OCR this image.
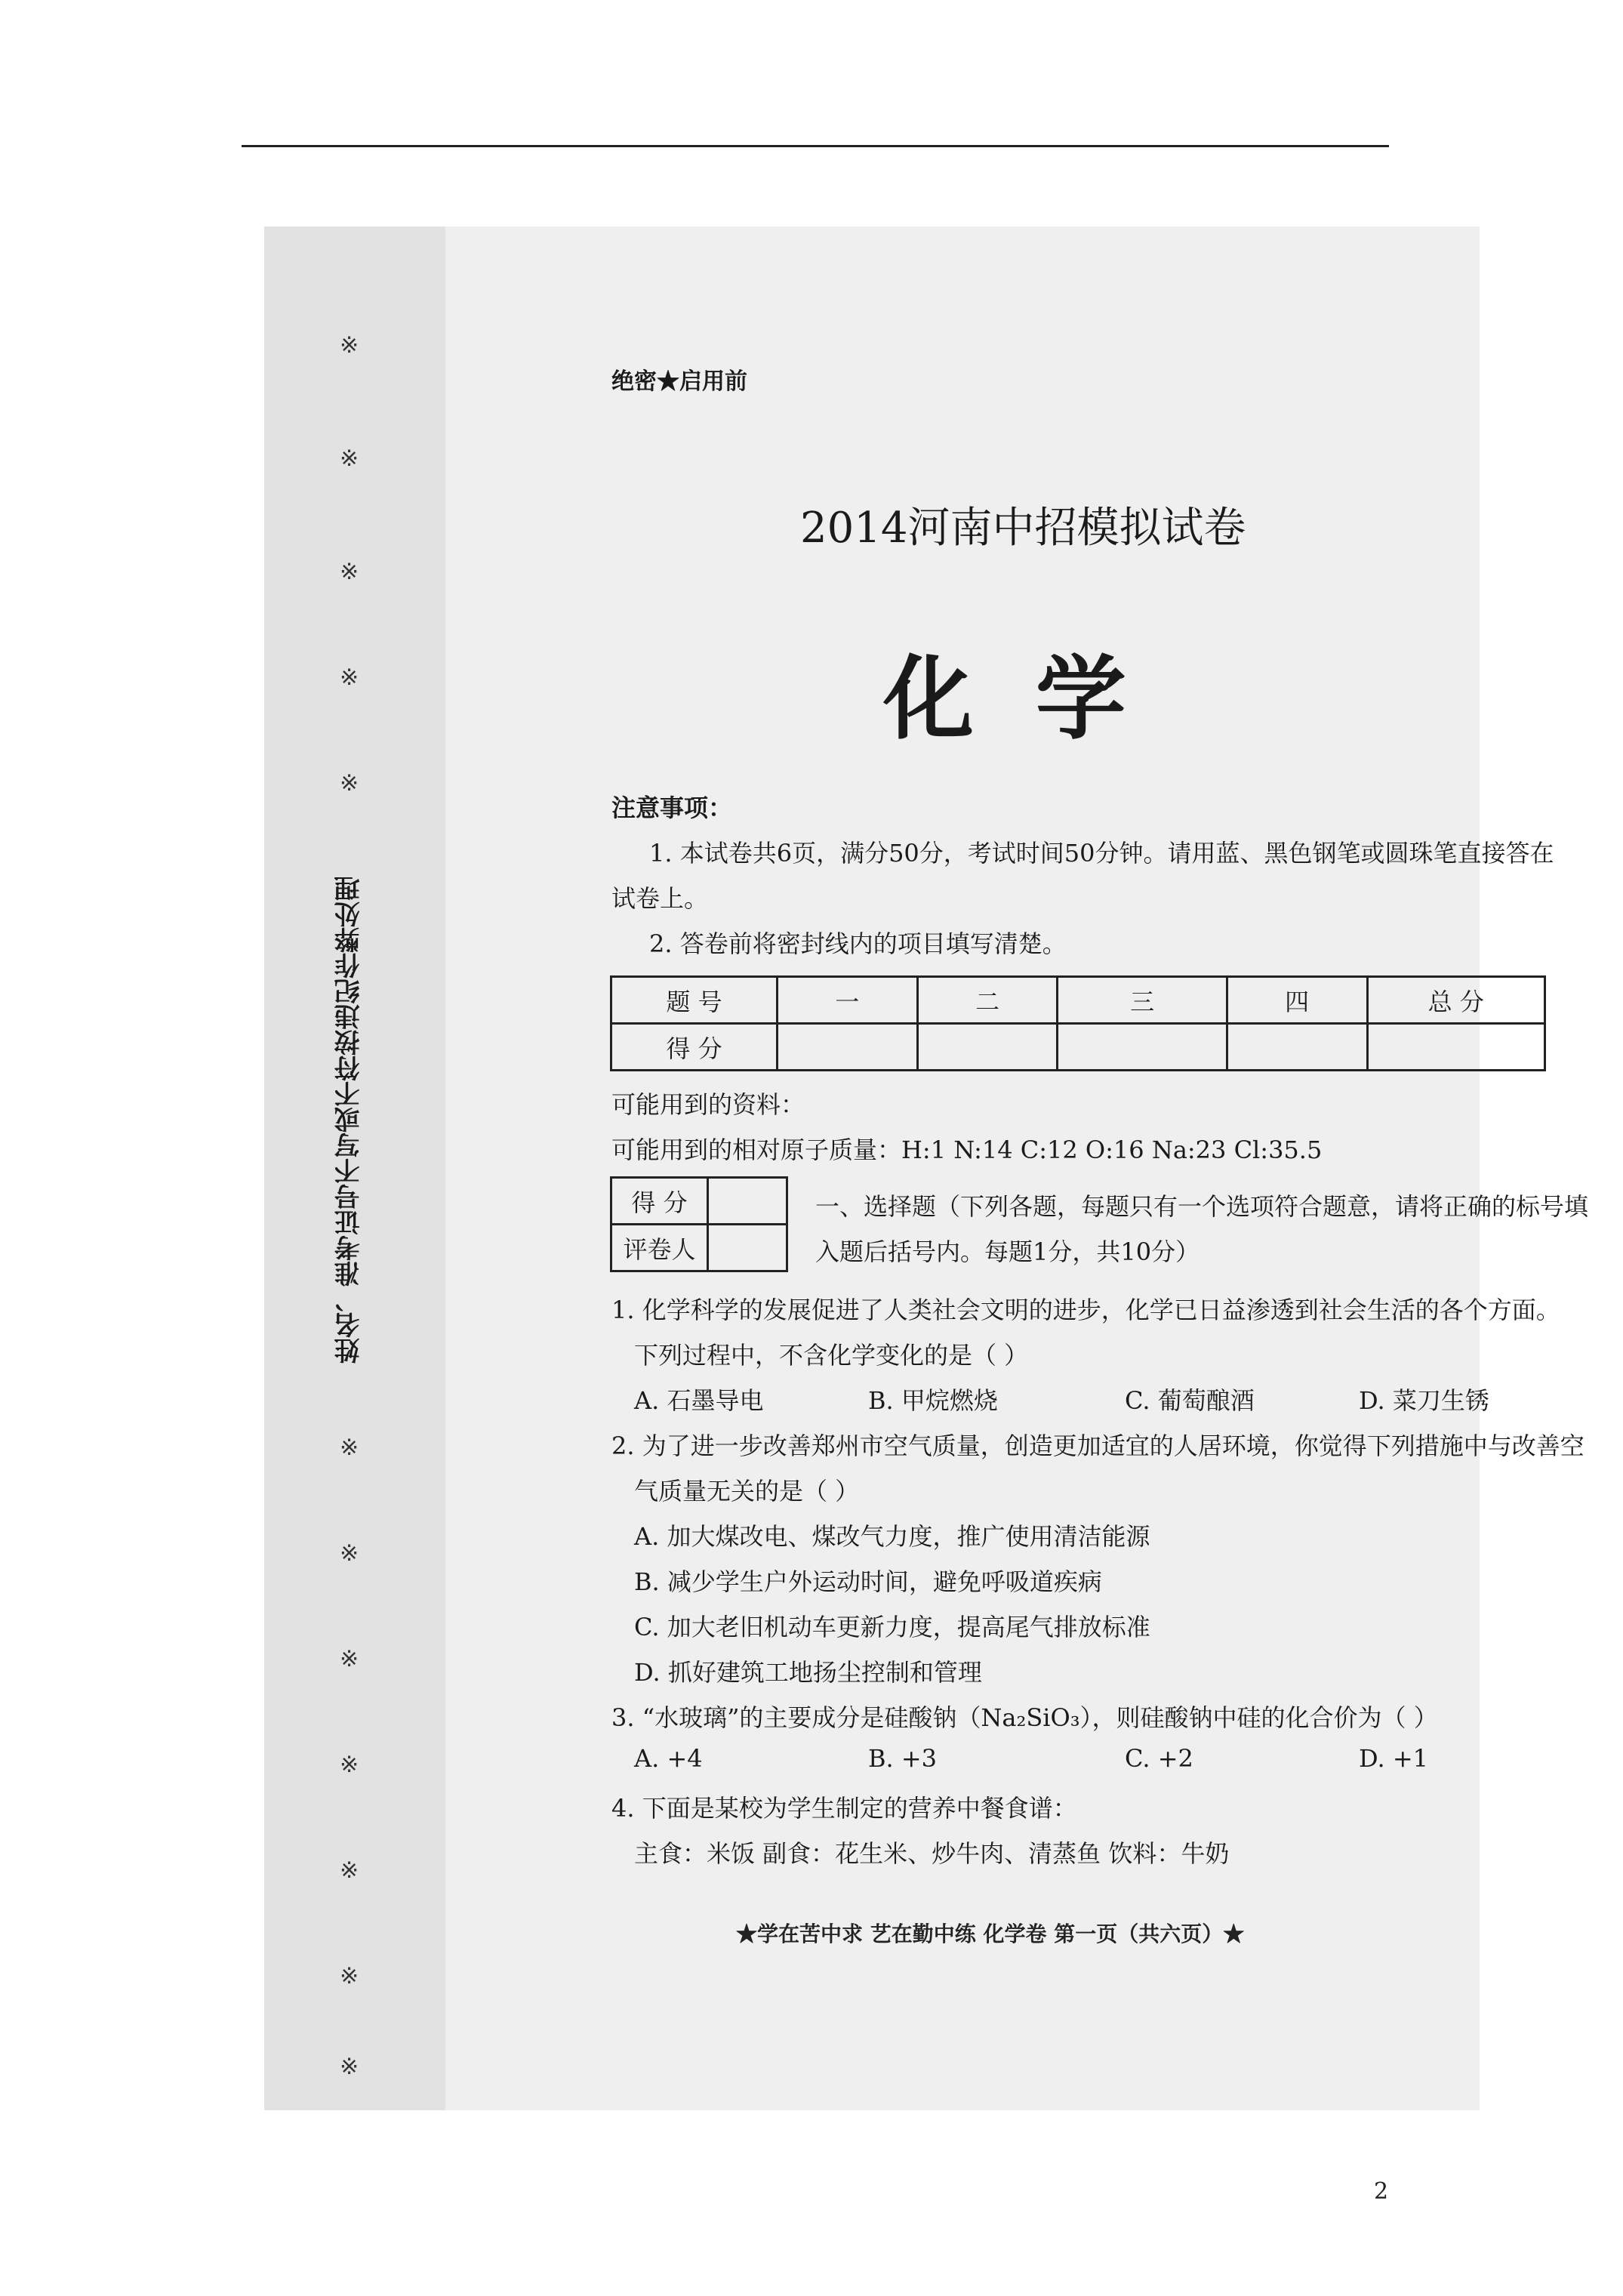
※
※
※
※
※
※
※
※
※
※
※
※
姓名、准考证号不写或不符按违纪作弊处理
绝密★启用前
2014河南中招模拟试卷
化 学
注意事项：
1. 本试卷共6页，满分50分，考试时间50分钟。请用蓝、黑色钢笔或圆珠笔直接答在
试卷上。
2. 答卷前将密封线内的项目填写清楚。
题 号	一	二	三	四	总 分
得 分					
可能用到的资料：
可能用到的相对原子质量：H:1 N:14 C:12 O:16 Na:23 Cl:35.5
得 分	
评卷人	
一、选择题（下列各题，每题只有一个选项符合题意，请将正确的标号填
入题后括号内。每题1分，共10分）
1. 化学科学的发展促进了人类社会文明的进步，化学已日益渗透到社会生活的各个方面。
下列过程中，不含化学变化的是（ ）
A. 石墨导电	B. 甲烷燃烧	C. 葡萄酿酒	D. 菜刀生锈
2. 为了进一步改善郑州市空气质量，创造更加适宜的人居环境，你觉得下列措施中与改善空
气质量无关的是（ ）
A. 加大煤改电、煤改气力度，推广使用清洁能源
B. 减少学生户外运动时间，避免呼吸道疾病
C. 加大老旧机动车更新力度，提高尾气排放标准
D. 抓好建筑工地扬尘控制和管理
3. “水玻璃”的主要成分是硅酸钠（Na₂SiO₃），则硅酸钠中硅的化合价为（ ）
A. +4	B. +3	C. +2	D. +1
4. 下面是某校为学生制定的营养中餐食谱：
主食：米饭 副食：花生米、炒牛肉、清蒸鱼 饮料：牛奶
★学在苦中求 艺在勤中练 化学卷 第一页（共六页）★
2
